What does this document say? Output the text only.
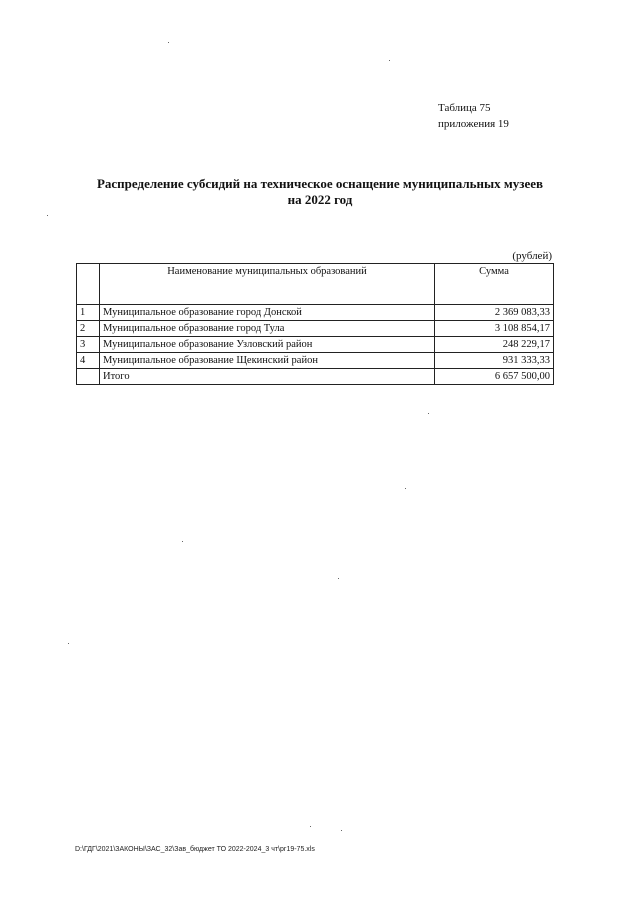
Таблица 75
приложения 19
Распределение субсидий на техническое оснащение муниципальных музеев
на 2022 год
(рублей)
	Наименование муниципальных образований	Сумма
1	Муниципальное образование город Донской	2 369 083,33
2	Муниципальное образование город Тула	3 108 854,17
3	Муниципальное образование Узловский район	248 229,17
4	Муниципальное образование Щекинский район	931 333,33
	Итого	6 657 500,00
D:\ГДГ\2021\ЗАКОНЫ\ЗАС_32\Зав_бюджет ТО 2022-2024_3 чт\рг19-75.xls
